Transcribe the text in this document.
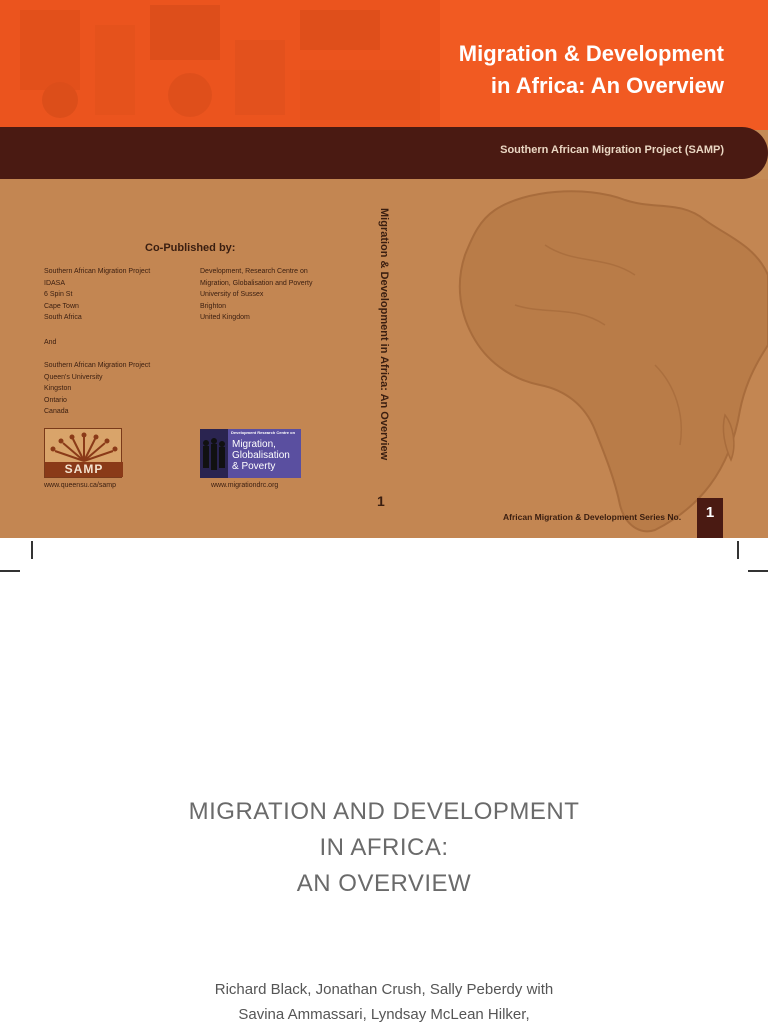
Migration & Development
in Africa: An Overview
Southern African Migration Project (SAMP)
Co-Published by:
Southern African Migration Project
IDASA
6 Spin St
Cape Town
South Africa
Development, Research Centre on
Migration, Globalisation and Poverty
University of Sussex
Brighton
United Kingdom
And
Southern African Migration Project
Queen's University
Kingston
Ontario
Canada
SAMP
www.queensu.ca/samp
Development Research Centre on
Migration,
Globalisation
& Poverty
www.migrationdrc.org
Migration & Development in Africa: An Overview
1
African Migration & Development Series No.	1
MIGRATION AND DEVELOPMENT
IN AFRICA:
AN OVERVIEW
Richard Black, Jonathan Crush, Sally Peberdy with
Savina Ammassari, Lyndsay McLean Hilker,
